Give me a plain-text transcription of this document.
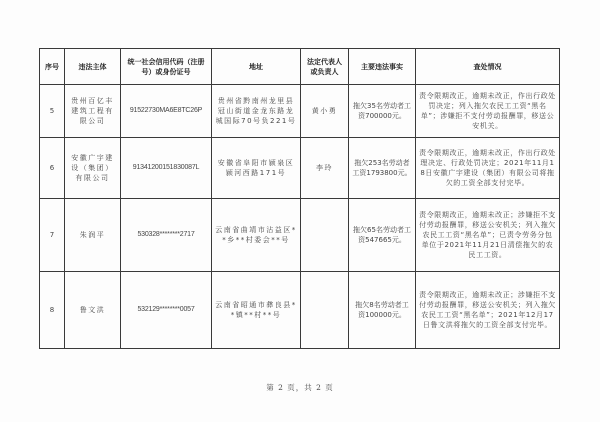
序号	违法主体	统一社会信用代码（注册号）或身份证号	地址	法定代表人或负责人	主要违法事实	查处情况
5	贵州百亿丰建筑工程有限公司	91522730MA6E8TC26P	贵州省黔南州龙里县冠山街道金龙东路龙城国际70号负221号	黄小勇	拖欠35名劳动者工资700000元。	责令限期改正，逾期未改正，作出行政处罚决定；列入拖欠农民工工资“黑名单”；涉嫌拒不支付劳动报酬罪，移送公安机关。
6	安徽广宇建设（集团）有限公司	91341200151830087L	安徽省阜阳市颍泉区颍河西路171号	李玲	拖欠253名劳动者工资1793800元。	责令限期改正，逾期未改正，作出行政处理决定、行政处罚决定；2021年11月18日安徽广宇建设（集团）有限公司将拖欠的工资全部支付完毕。
7	朱润平	530328********2717	云南省曲靖市沾益区**乡**村委会**号		拖欠65名劳动者工资547665元。	责令限期改正，逾期未改正；涉嫌拒不支付劳动报酬罪，移送公安机关；列入拖欠农民工工资“黑名单”；已责令劳务分包单位于2021年11月21日清偿拖欠的农民工工资。
8	鲁文洪	532129********0057	云南省昭通市彝良县**镇**村**号		拖欠8名劳动者工资100000元。	责令限期改正，逾期未改正；涉嫌拒不支付劳动报酬罪，移送公安机关；列入拖欠农民工工资“黑名单”；2021年12月17日鲁文洪将拖欠的工资全部支付完毕。
第 2 页，共 2 页
